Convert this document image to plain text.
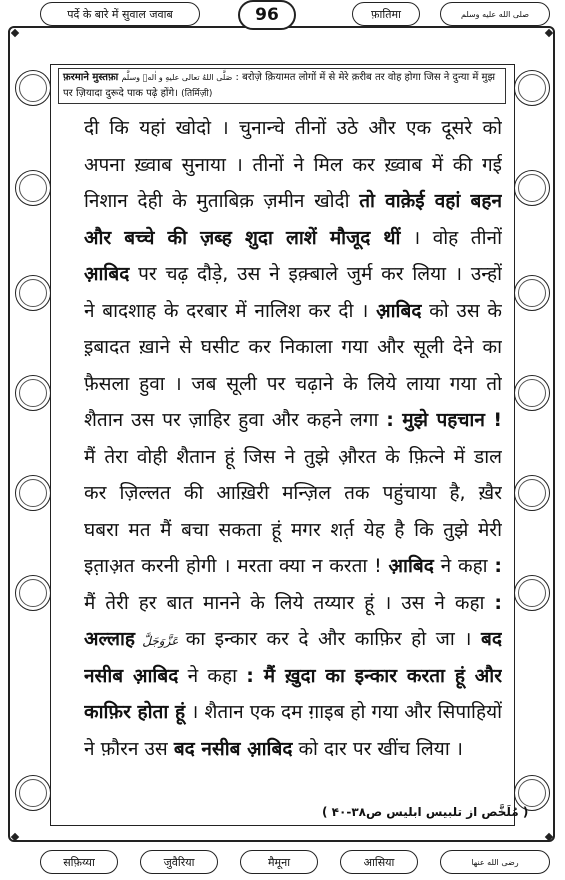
पर्दे के बारे में सुवाल जवाब	96	फ़ातिमा	صلى الله عليه وسلم
फ़रमाने मुस्तफ़ा صَلَّى اللهُ تعالى عليهِ و اٰلهٖ وسلَّم : बरोज़े क़ियामत लोगों में से मेरे क़रीब तर वोह होगा जिस ने दुन्या में मुझ पर ज़ियादा दुरूदे पाक पढ़े होंगे। (तिर्मिज़ी)
दी कि यहां खोदो । चुनान्चे तीनों उठे और एक दूसरे को
अपना ख़्वाब सुनाया । तीनों ने मिल कर ख़्वाब में की गई
निशान देही के मुताबिक़ ज़मीन खोदी तो वाक़ेई वहां बहन
और बच्चे की ज़ब्ह शुदा लाशें मौजूद थीं । वोह तीनों
आ़बिद पर चढ़ दौड़े, उस ने इक़्बाले जुर्म कर लिया । उन्हों
ने बादशाह के दरबार में नालिश कर दी । आ़बिद को उस के
इ़बादत ख़ाने से घसीट कर निकाला गया और सूली देने का
फ़ैसला हुवा । जब सूली पर चढ़ाने के लिये लाया गया तो
शैतान उस पर ज़ाहिर हुवा और कहने लगा : मुझे पहचान !
मैं तेरा वोही शैतान हूं जिस ने तुझे औ़रत के फ़ित्ने में डाल
कर ज़िल्लत की आख़िरी मन्ज़िल तक पहुंचाया है, ख़ैर
घबरा मत मैं बचा सकता हूं मगर शर्त़ येह है कि तुझे मेरी
इत़ाअ़त करनी होगी । मरता क्या न करता ! आ़बिद ने कहा :
मैं तेरी हर बात मानने के लिये तय्यार हूं । उस ने कहा :
अल्लाह عَزَّوَجَلَّ का इन्कार कर दे और काफ़िर हो जा । बद
नसीब आ़बिद ने कहा : मैं ख़ुदा का इन्कार करता हूं और
काफ़िर होता हूं । शैतान एक दम ग़ाइब हो गया और सिपाहियों
ने फ़ौरन उस बद नसीब आ़बिद को दार पर खींच लिया ।
( مُلَخَّص از تلبیس ابلیس ص۳۸-۴۰ )
सफ़िय्या	जुवैरिया	मैमूना	आसिया	رضى الله عنها
